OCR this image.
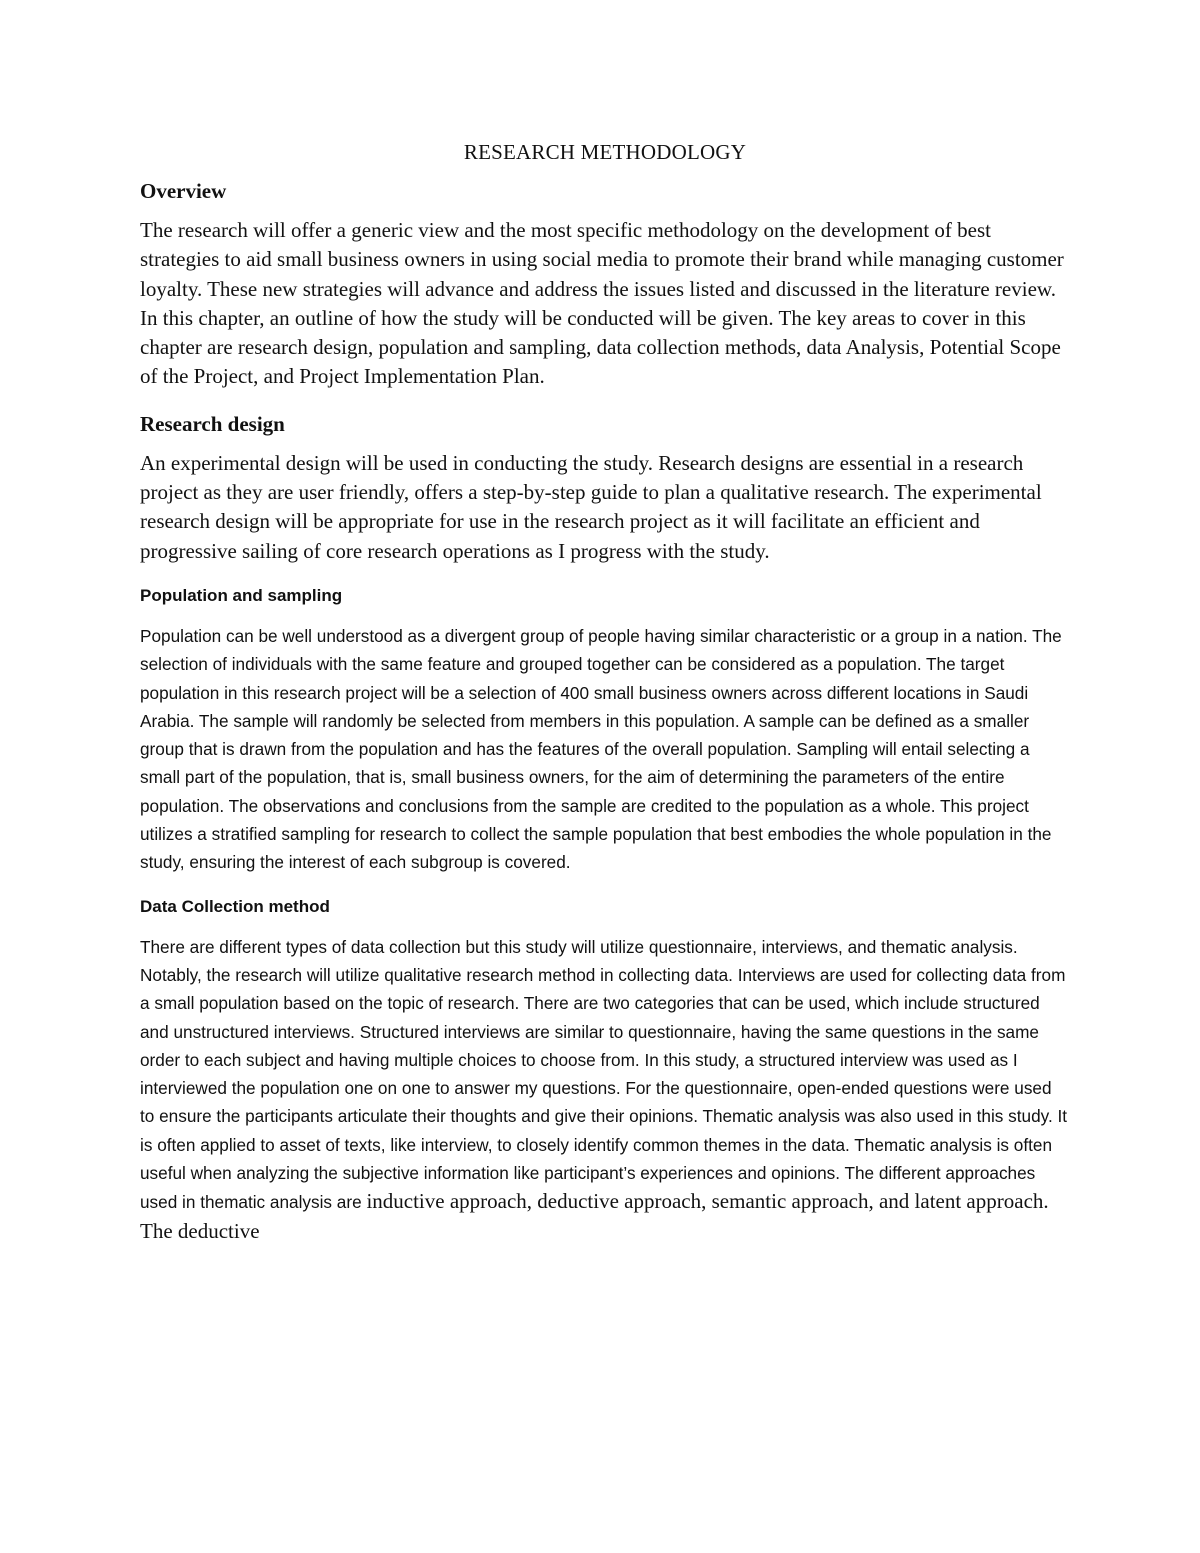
RESEARCH METHODOLOGY
Overview

The research will offer a generic view and the most specific methodology on the development of best strategies to aid small business owners in using social media to promote their brand while managing customer loyalty. These new strategies will advance and address the issues listed and discussed in the literature review. In this chapter, an outline of how the study will be conducted will be given. The key areas to cover in this chapter are research design, population and sampling, data collection methods, data Analysis, Potential Scope of the Project, and Project Implementation Plan.

Research design

An experimental design will be used in conducting the study. Research designs are essential in a research project as they are user friendly, offers a step-by-step guide to plan a qualitative research. The experimental research design will be appropriate for use in the research project as it will facilitate an efficient and progressive sailing of core research operations as I progress with the study.

Population and sampling

Population can be well understood as a divergent group of people having similar characteristic or a group in a nation. The selection of individuals with the same feature and grouped together can be considered as a population. The target population in this research project will be a selection of 400 small business owners across different locations in Saudi Arabia. The sample will randomly be selected from members in this population. A sample can be defined as a smaller group that is drawn from the population and has the features of the overall population. Sampling will entail selecting a small part of the population, that is, small business owners, for the aim of determining the parameters of the entire population. The observations and conclusions from the sample are credited to the population as a whole. This project utilizes a stratified sampling for research to collect the sample population that best embodies the whole population in the study, ensuring the interest of each subgroup is covered.

Data Collection method

There are different types of data collection but this study will utilize questionnaire, interviews, and thematic analysis. Notably, the research will utilize qualitative research method in collecting data. Interviews are used for collecting data from a small population based on the topic of research. There are two categories that can be used, which include structured and unstructured interviews. Structured interviews are similar to questionnaire, having the same questions in the same order to each subject and having multiple choices to choose from. In this study, a structured interview was used as I interviewed the population one on one to answer my questions. For the questionnaire, open-ended questions were used to ensure the participants articulate their thoughts and give their opinions. Thematic analysis was also used in this study. It is often applied to asset of texts, like interview, to closely identify common themes in the data. Thematic analysis is often useful when analyzing the subjective information like participant’s experiences and opinions. The different approaches used in thematic analysis are inductive approach, deductive approach, semantic approach, and latent approach. The deductive
